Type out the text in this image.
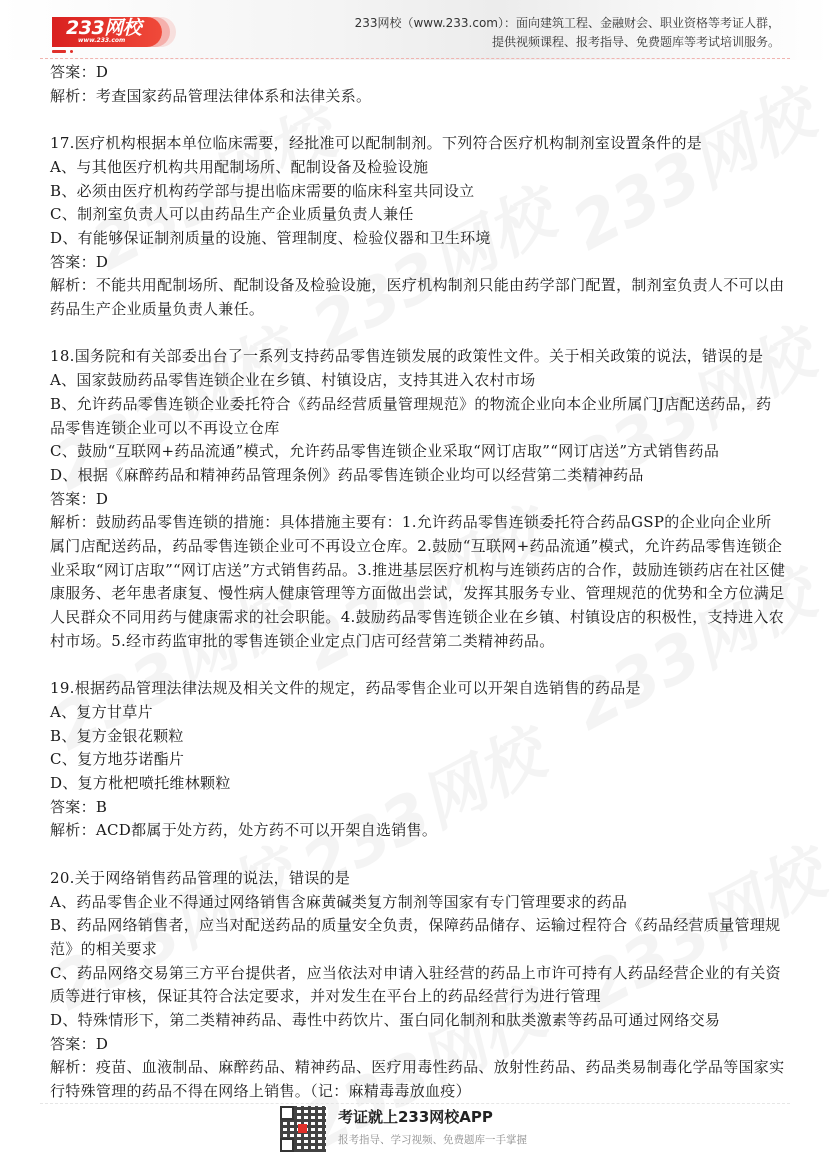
233网校
www.233.com
233网校（www.233.com）：面向建筑工程、金融财会、职业资格等考证人群，
提供视频课程、报考指导、免费题库等考试培训服务。

答案：D

解析：考查国家药品管理法律体系和法律关系。

17.医疗机构根据本单位临床需要，经批准可以配制制剂。下列符合医疗机构制剂室设置条件的是

A、与其他医疗机构共用配制场所、配制设备及检验设施

B、必须由医疗机构药学部与提出临床需要的临床科室共同设立

C、制剂室负责人可以由药品生产企业质量负责人兼任

D、有能够保证制剂质量的设施、管理制度、检验仪器和卫生环境

答案：D

解析：不能共用配制场所、配制设备及检验设施，医疗机构制剂只能由药学部门配置，制剂室负责人不可以由药品生产企业质量负责人兼任。

18.国务院和有关部委出台了一系列支持药品零售连锁发展的政策性文件。关于相关政策的说法，错误的是

A、国家鼓励药品零售连锁企业在乡镇、村镇设店，支持其进入农村市场

B、允许药品零售连锁企业委托符合《药品经营质量管理规范》的物流企业向本企业所属门J店配送药品，药品零售连锁企业可以不再设立仓库

C、鼓励“互联网+药品流通”模式，允许药品零售连锁企业采取“网订店取”“网订店送”方式销售药品

D、根据《麻醉药品和精神药品管理条例》药品零售连锁企业均可以经营第二类精神药品

答案：D

解析：鼓励药品零售连锁的措施：具体措施主要有：1.允许药品零售连锁委托符合药品GSP的企业向企业所属门店配送药品，药品零售连锁企业可不再设立仓库。2.鼓励“互联网+药品流通”模式，允许药品零售连锁企业采取“网订店取”“网订店送”方式销售药品。3.推进基层医疗机构与连锁药店的合作，鼓励连锁药店在社区健康服务、老年患者康复、慢性病人健康管理等方面做出尝试，发挥其服务专业、管理规范的优势和全方位满足人民群众不同用药与健康需求的社会职能。4.鼓励药品零售连锁企业在乡镇、村镇设店的积极性，支持进入农村市场。5.经市药监审批的零售连锁企业定点门店可经营第二类精神药品。

19.根据药品管理法律法规及相关文件的规定，药品零售企业可以开架自选销售的药品是

A、复方甘草片

B、复方金银花颗粒

C、复方地芬诺酯片

D、复方枇杷喷托维林颗粒

答案：B

解析：ACD都属于处方药，处方药不可以开架自选销售。

20.关于网络销售药品管理的说法，错误的是

A、药品零售企业不得通过网络销售含麻黄碱类复方制剂等国家有专门管理要求的药品

B、药品网络销售者，应当对配送药品的质量安全负责，保障药品储存、运输过程符合《药品经营质量管理规范》的相关要求

C、药品网络交易第三方平台提供者，应当依法对申请入驻经营的药品上市许可持有人药品经营企业的有关资质等进行审核，保证其符合法定要求，并对发生在平台上的药品经营行为进行管理

D、特殊情形下，第二类精神药品、毒性中药饮片、蛋白同化制剂和肽类激素等药品可通过网络交易

答案：D

解析：疫苗、血液制品、麻醉药品、精神药品、医疗用毒性药品、放射性药品、药品类易制毒化学品等国家实行特殊管理的药品不得在网络上销售。（记：麻精毒毒放血疫）

考证就上233网校APP
报考指导、学习视频、免费题库一手掌握
